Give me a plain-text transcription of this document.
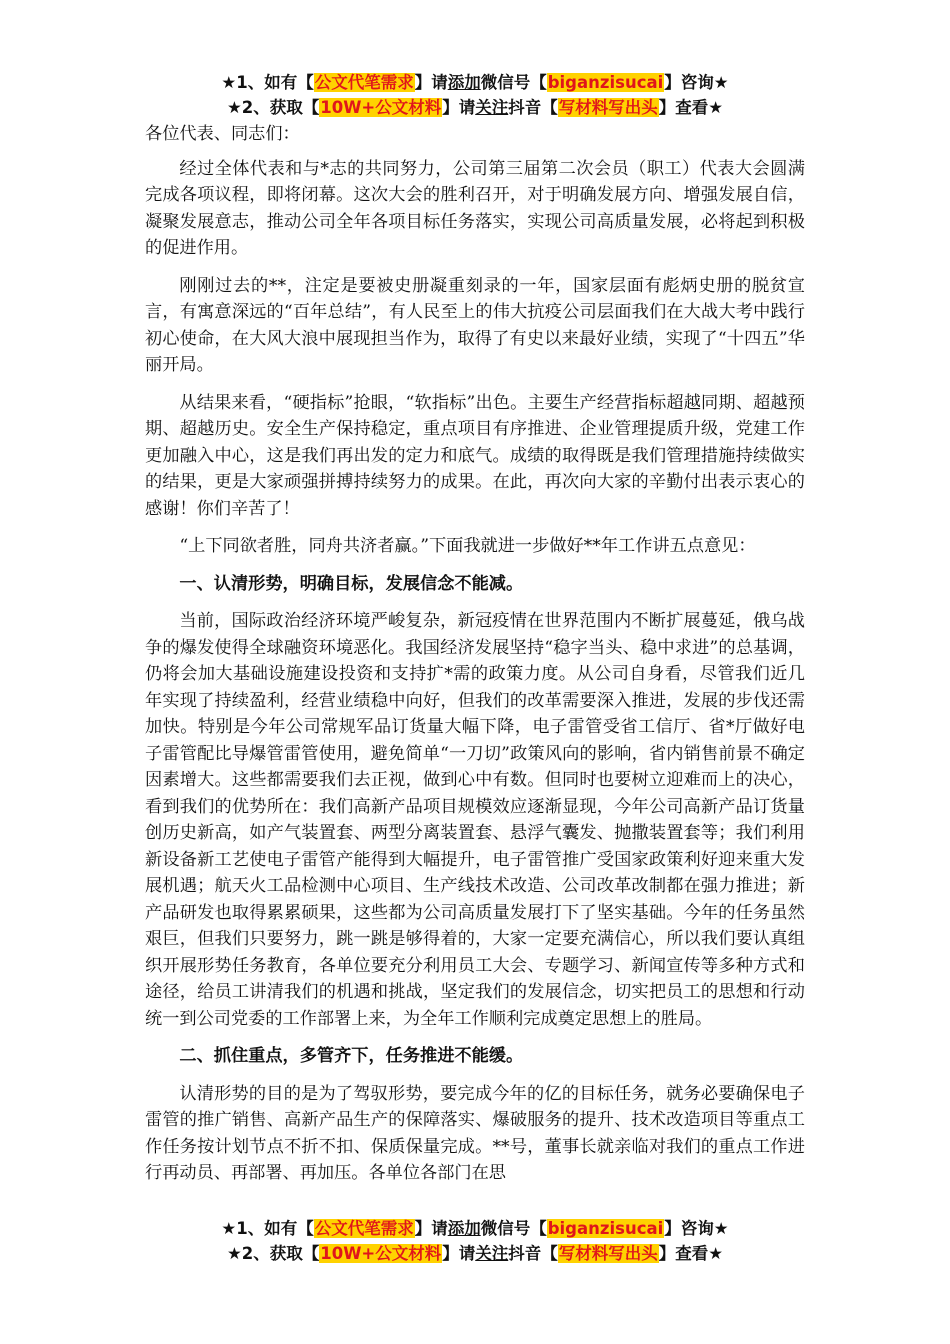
★1、如有【公文代笔需求】请添加微信号【biganzisucai】咨询★
★2、获取【10W+公文材料】请关注抖音【写材料写出头】查看★

各位代表、同志们：

经过全体代表和与*志的共同努力，公司第三届第二次会员（职工）代表大会圆满完成各项议程，即将闭幕。这次大会的胜利召开，对于明确发展方向、增强发展自信，凝聚发展意志，推动公司全年各项目标任务落实，实现公司高质量发展，必将起到积极的促进作用。

刚刚过去的**，注定是要被史册凝重刻录的一年，国家层面有彪炳史册的脱贫宣言，有寓意深远的“百年总结”，有人民至上的伟大抗疫公司层面我们在大战大考中践行初心使命，在大风大浪中展现担当作为，取得了有史以来最好业绩，实现了“十四五”华丽开局。

从结果来看，“硬指标”抢眼，“软指标”出色。主要生产经营指标超越同期、超越预期、超越历史。安全生产保持稳定，重点项目有序推进、企业管理提质升级，党建工作更加融入中心，这是我们再出发的定力和底气。成绩的取得既是我们管理措施持续做实的结果，更是大家顽强拼搏持续努力的成果。在此，再次向大家的辛勤付出表示衷心的感谢！你们辛苦了！

“上下同欲者胜，同舟共济者赢。”下面我就进一步做好**年工作讲五点意见：

一、认清形势，明确目标，发展信念不能减。

当前，国际政治经济环境严峻复杂，新冠疫情在世界范围内不断扩展蔓延，俄乌战争的爆发使得全球融资环境恶化。我国经济发展坚持“稳字当头、稳中求进”的总基调，仍将会加大基础设施建设投资和支持扩*需的政策力度。从公司自身看，尽管我们近几年实现了持续盈利，经营业绩稳中向好，但我们的改革需要深入推进，发展的步伐还需加快。特别是今年公司常规军品订货量大幅下降，电子雷管受省工信厅、省*厅做好电子雷管配比导爆管雷管使用，避免简单“一刀切”政策风向的影响，省内销售前景不确定因素增大。这些都需要我们去正视，做到心中有数。但同时也要树立迎难而上的决心，看到我们的优势所在：我们高新产品项目规模效应逐渐显现，今年公司高新产品订货量创历史新高，如产气装置套、两型分离装置套、悬浮气囊发、抛撒装置套等；我们利用新设备新工艺使电子雷管产能得到大幅提升，电子雷管推广受国家政策利好迎来重大发展机遇；航天火工品检测中心项目、生产线技术改造、公司改革改制都在强力推进；新产品研发也取得累累硕果，这些都为公司高质量发展打下了坚实基础。今年的任务虽然艰巨，但我们只要努力，跳一跳是够得着的，大家一定要充满信心，所以我们要认真组织开展形势任务教育，各单位要充分利用员工大会、专题学习、新闻宣传等多种方式和途径，给员工讲清我们的机遇和挑战，坚定我们的发展信念，切实把员工的思想和行动统一到公司党委的工作部署上来，为全年工作顺利完成奠定思想上的胜局。

二、抓住重点，多管齐下，任务推进不能缓。

认清形势的目的是为了驾驭形势，要完成今年的亿的目标任务，就务必要确保电子雷管的推广销售、高新产品生产的保障落实、爆破服务的提升、技术改造项目等重点工作任务按计划节点不折不扣、保质保量完成。**号，董事长就亲临对我们的重点工作进行再动员、再部署、再加压。各单位各部门在思

★1、如有【公文代笔需求】请添加微信号【biganzisucai】咨询★
★2、获取【10W+公文材料】请关注抖音【写材料写出头】查看★
